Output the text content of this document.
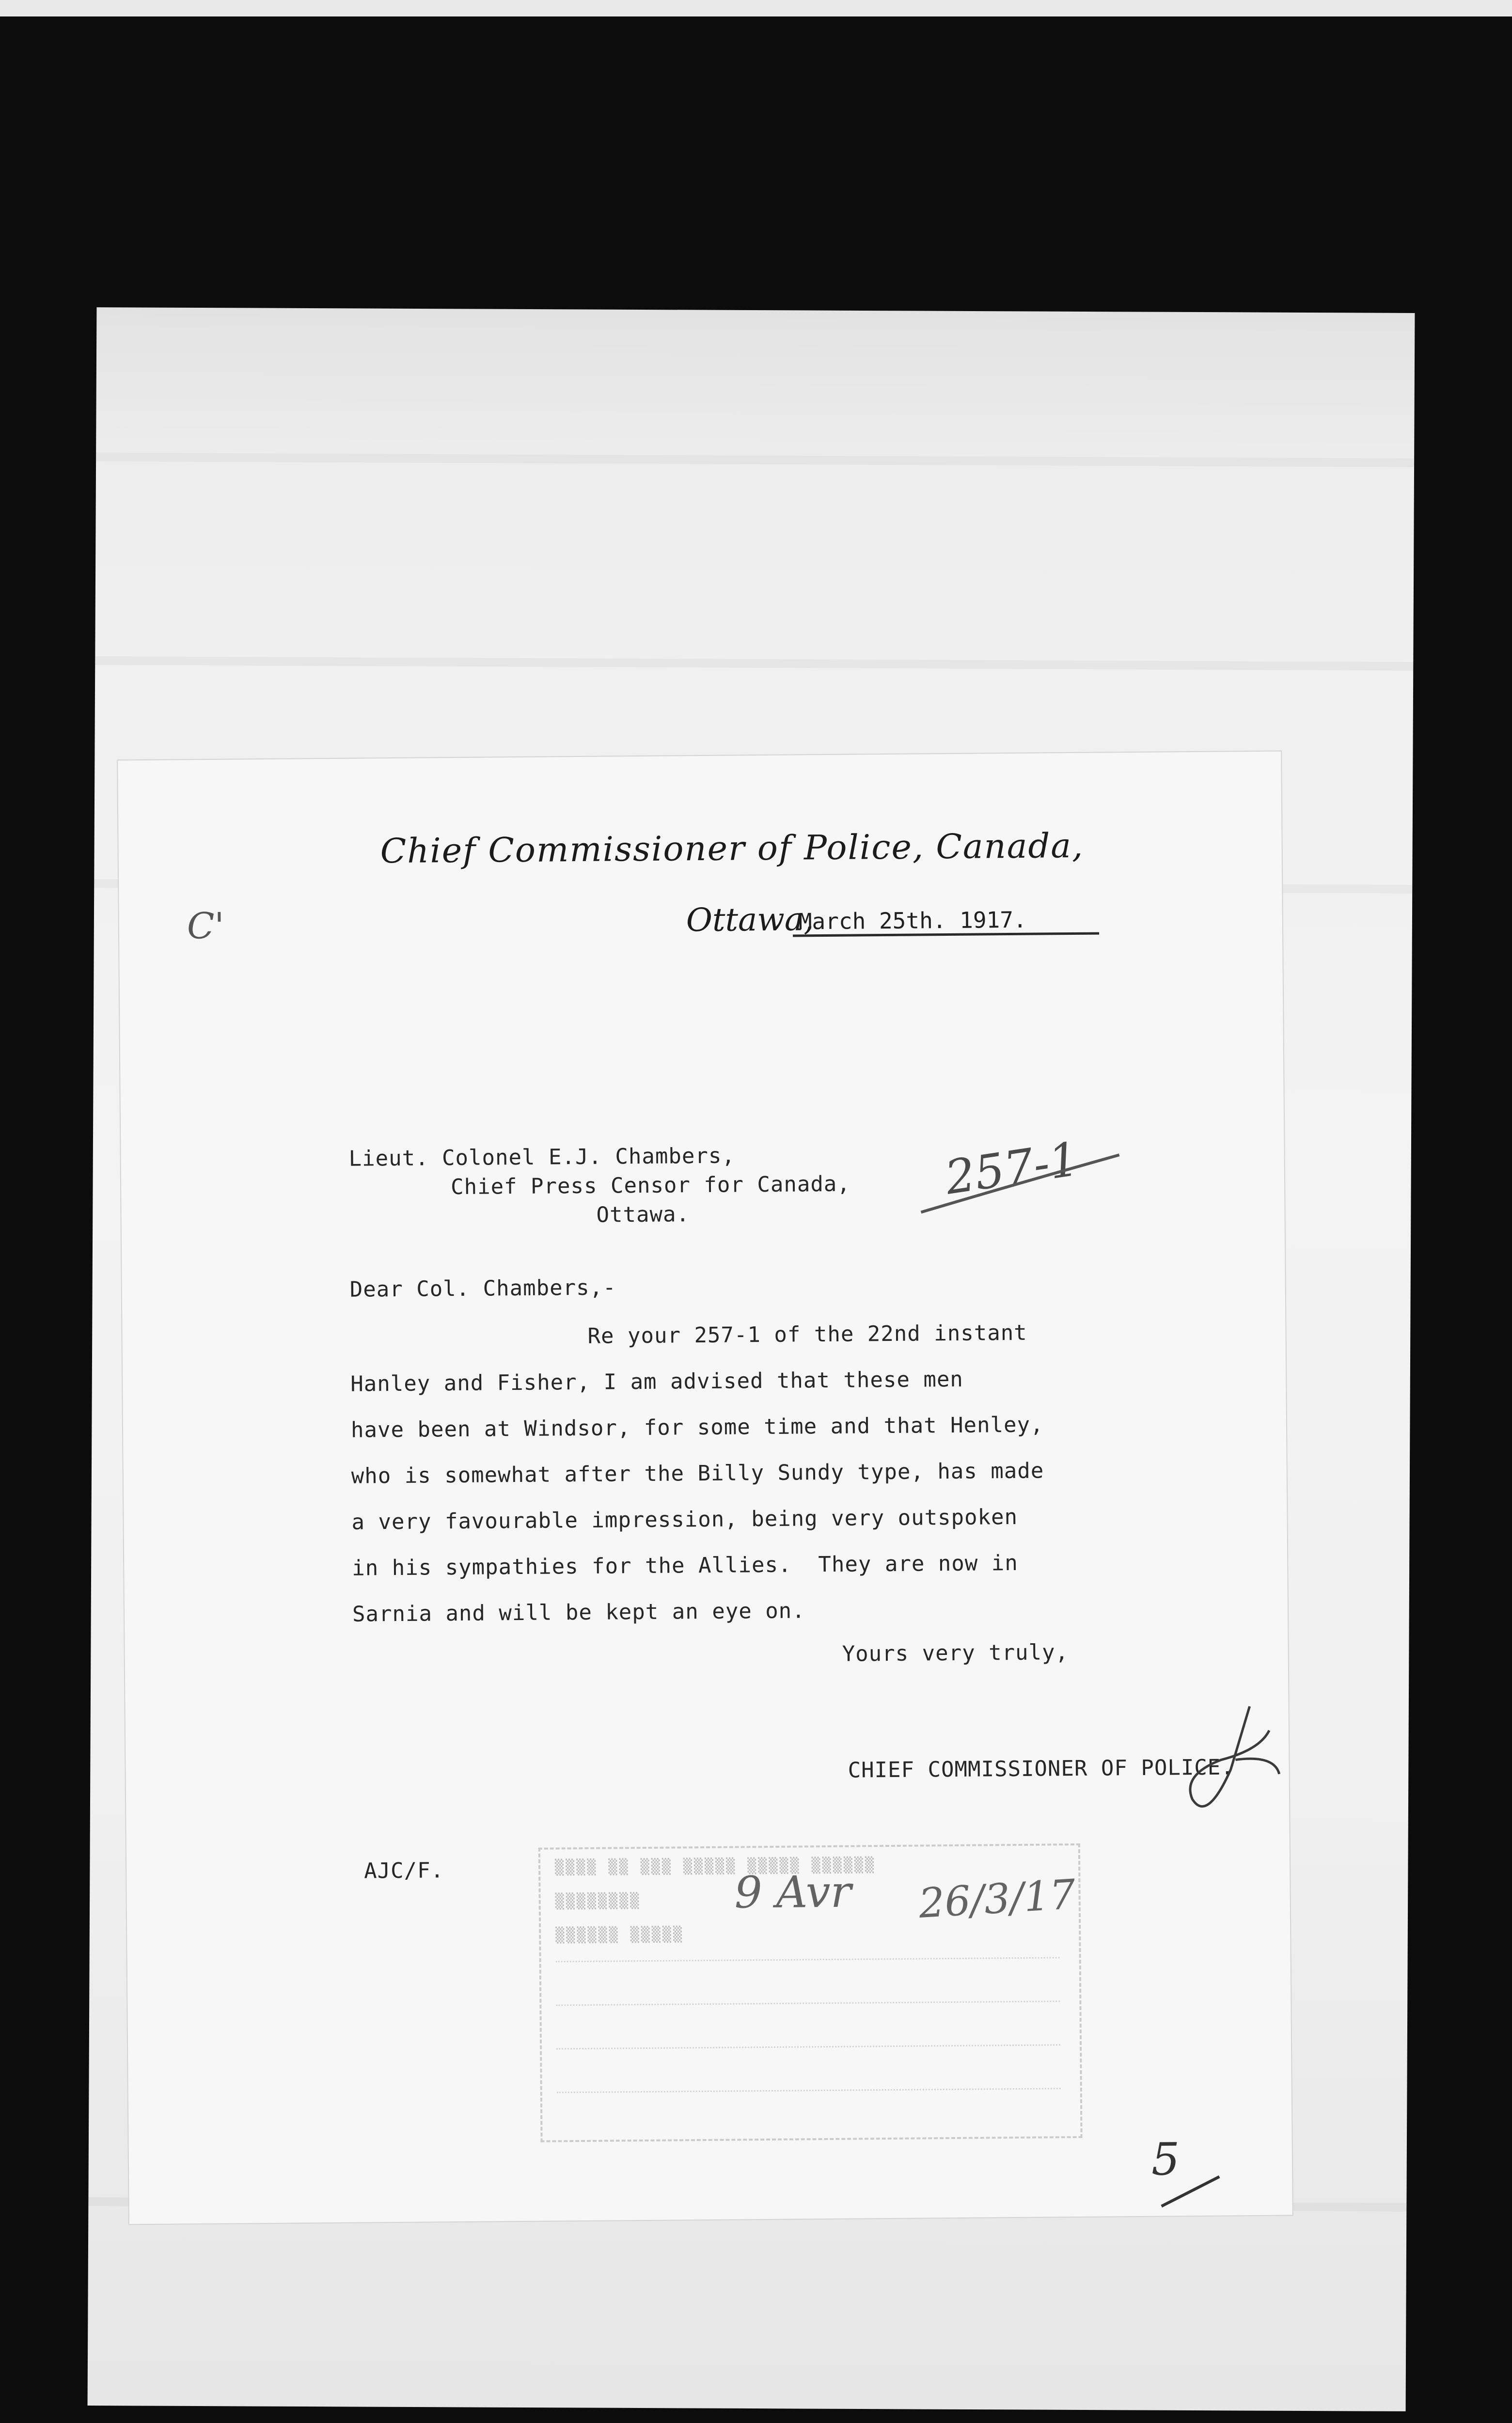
Chief Commissioner of Police, Canada,
C'	Ottawa,
March 25th. 1917.
Lieut. Colonel E.J. Chambers,
Chief Press Censor for Canada,
Ottawa.
257-1
Dear Col. Chambers,-
Re your 257-1 of the 22nd instant
Hanley and Fisher, I am advised that these men
have been at Windsor, for some time and that Henley,
who is somewhat after the Billy Sundy type, has made
a very favourable impression, being very outspoken
in his sympathies for the Allies.  They are now in
Sarnia and will be kept an eye on.
Yours very truly,
CHIEF COMMISSIONER OF POLICE.
AJC/F.	▒▒▒▒ ▒▒ ▒▒▒ ▒▒▒▒▒ ▒▒▒▒▒ ▒▒▒▒▒▒
▒▒▒▒▒▒▒▒
▒▒▒▒▒▒ ▒▒▒▒▒
9 Avr 26/3/17
5
